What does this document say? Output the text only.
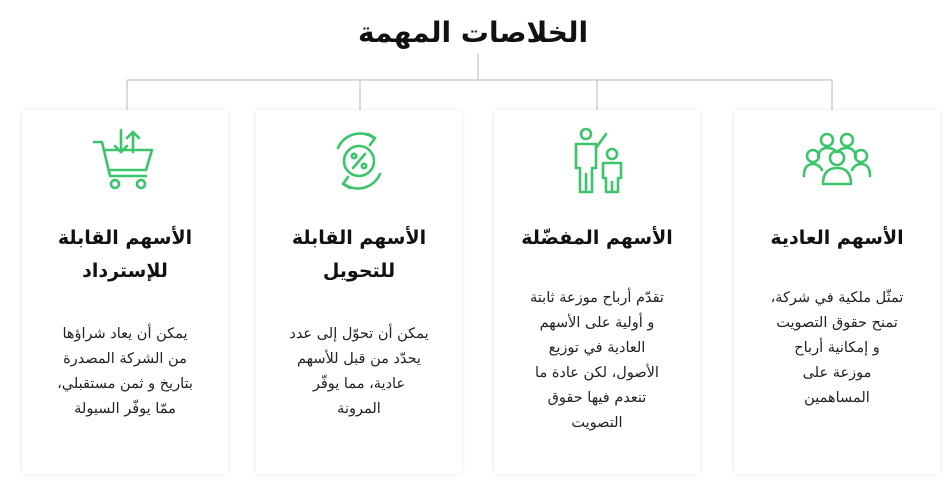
الخلاصات المهمة
الأسهم العادية
تمثّل ملكية في شركة،
تمنح حقوق التصويت
و إمكانية أرباح
موزعة على
المساهمين
الأسهم المفضّلة
تقدّم أرباح موزعة ثابتة
و أولية على الأسهم
العادية في توزيع
الأصول، لكن عادة ما
تنعدم فيها حقوق
التصويت
الأسهم القابلة
للتحويل
يمكن أن تحوّل إلى عدد
يحدّد من قبل للأسهم
عادية، مما يوفّر
المرونة
الأسهم القابلة
للإسترداد
يمكن أن يعاد شراؤها
من الشركة المصدرة
بتاريخ و ثمن مستقبلي،
ممّا يوفّر السيولة
